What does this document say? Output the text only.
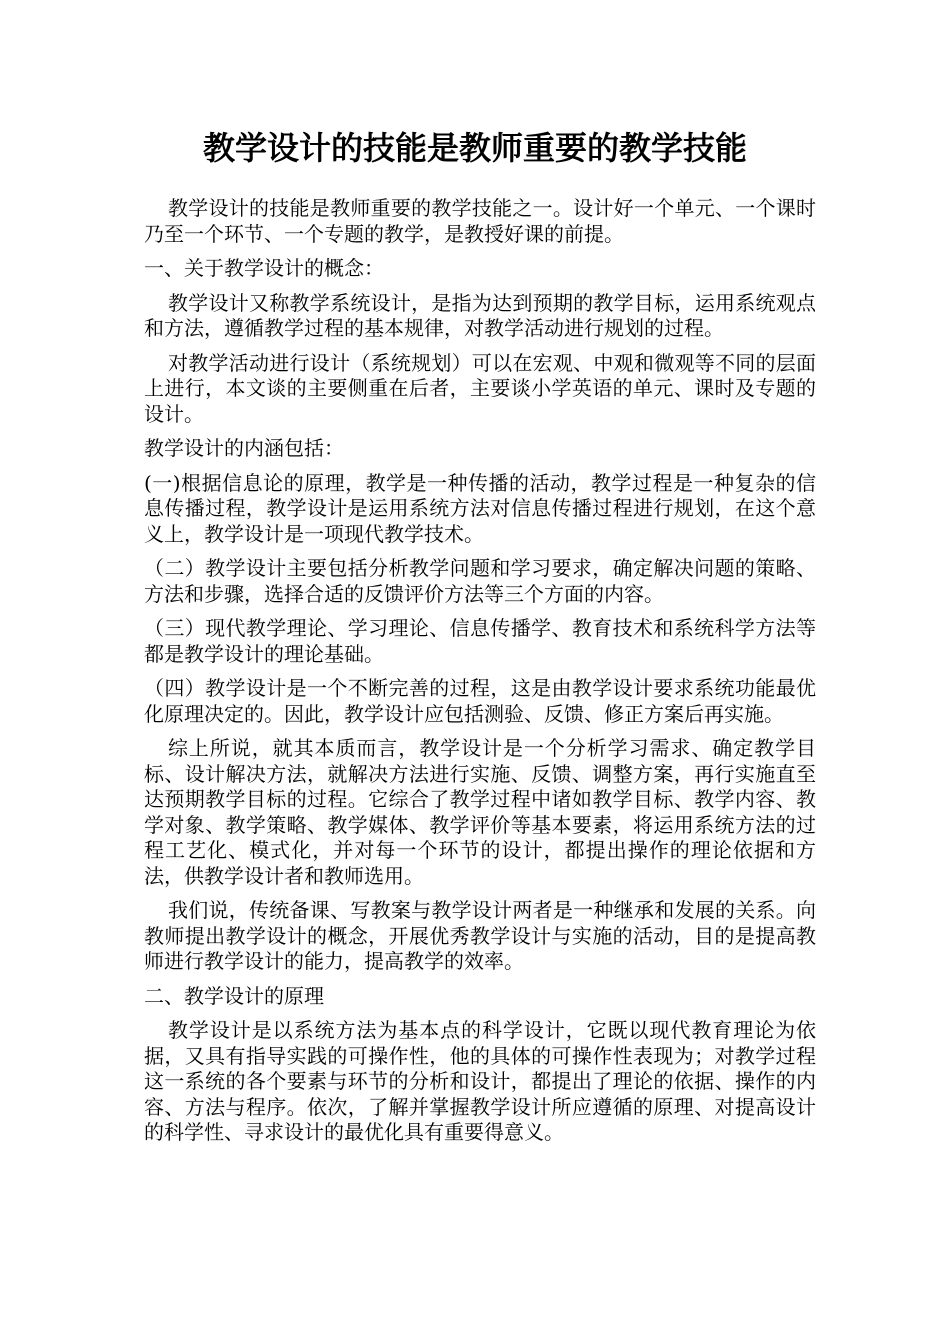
教学设计的技能是教师重要的教学技能

教学设计的技能是教师重要的教学技能之一。设计好一个单元、一个课时乃至一个环节、一个专题的教学，是教授好课的前提。

一、关于教学设计的概念：

教学设计又称教学系统设计，是指为达到预期的教学目标，运用系统观点和方法，遵循教学过程的基本规律，对教学活动进行规划的过程。

对教学活动进行设计（系统规划）可以在宏观、中观和微观等不同的层面上进行，本文谈的主要侧重在后者，主要谈小学英语的单元、课时及专题的设计。

教学设计的内涵包括：

(一)根据信息论的原理，教学是一种传播的活动，教学过程是一种复杂的信息传播过程，教学设计是运用系统方法对信息传播过程进行规划，在这个意义上，教学设计是一项现代教学技术。

（二）教学设计主要包括分析教学问题和学习要求，确定解决问题的策略、方法和步骤，选择合适的反馈评价方法等三个方面的内容。

（三）现代教学理论、学习理论、信息传播学、教育技术和系统科学方法等都是教学设计的理论基础。

（四）教学设计是一个不断完善的过程，这是由教学设计要求系统功能最优化原理决定的。因此，教学设计应包括测验、反馈、修正方案后再实施。

综上所说，就其本质而言，教学设计是一个分析学习需求、确定教学目标、设计解决方法，就解决方法进行实施、反馈、调整方案，再行实施直至达预期教学目标的过程。它综合了教学过程中诸如教学目标、教学内容、教学对象、教学策略、教学媒体、教学评价等基本要素，将运用系统方法的过程工艺化、模式化，并对每一个环节的设计，都提出操作的理论依据和方法，供教学设计者和教师选用。

我们说，传统备课、写教案与教学设计两者是一种继承和发展的关系。向教师提出教学设计的概念，开展优秀教学设计与实施的活动，目的是提高教师进行教学设计的能力，提高教学的效率。

二、教学设计的原理

教学设计是以系统方法为基本点的科学设计，它既以现代教育理论为依据，又具有指导实践的可操作性，他的具体的可操作性表现为；对教学过程这一系统的各个要素与环节的分析和设计，都提出了理论的依据、操作的内容、方法与程序。依次，了解并掌握教学设计所应遵循的原理、对提高设计的科学性、寻求设计的最优化具有重要得意义。
